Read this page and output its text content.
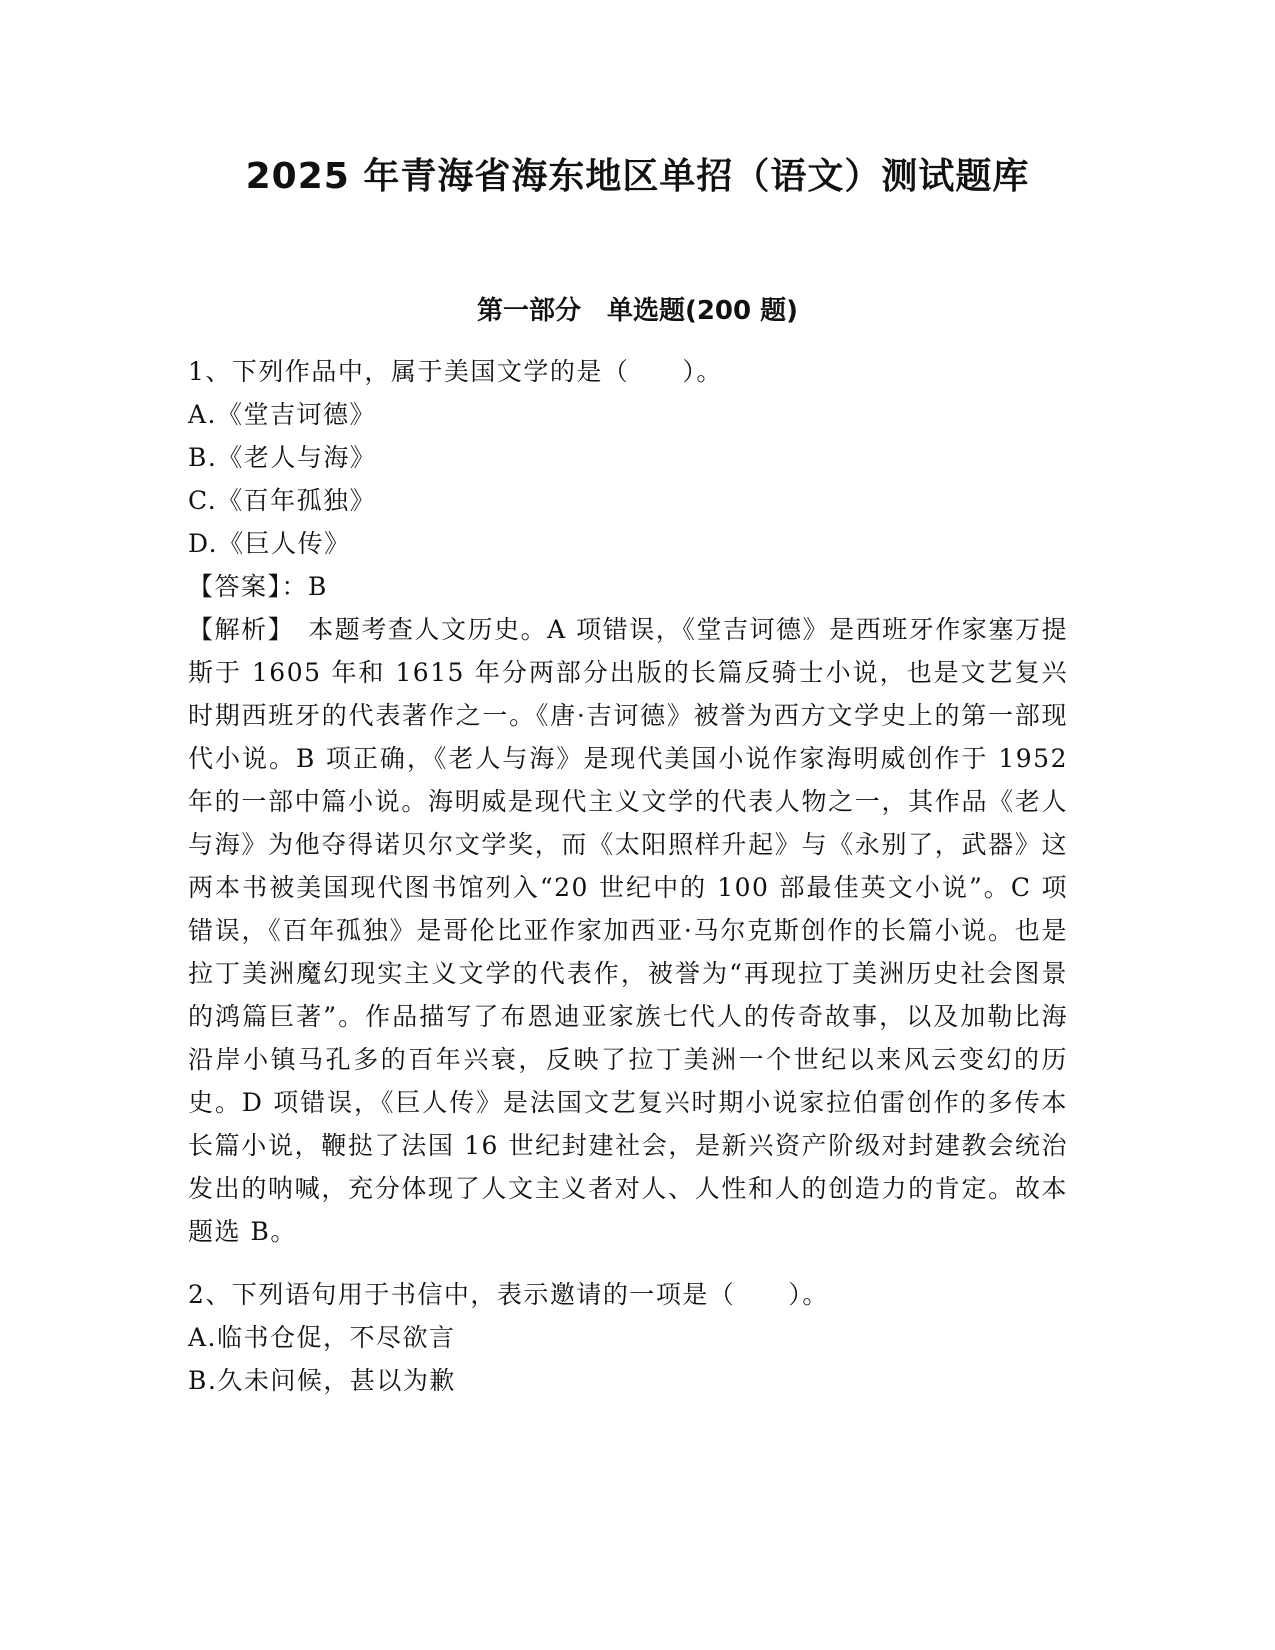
2025 年青海省海东地区单招（语文）测试题库
第一部分　单选题(200 题)

1、下列作品中，属于美国文学的是（　　）。

A.《堂吉诃德》

B.《老人与海》

C.《百年孤独》

D.《巨人传》

【答案】：B

【解析】　本题考查人文历史。A 项错误，《堂吉诃德》是西班牙作家塞万提斯于 1605 年和 1615 年分两部分出版的长篇反骑士小说，也是文艺复兴时期西班牙的代表著作之一。《唐·吉诃德》被誉为西方文学史上的第一部现代小说。B 项正确，《老人与海》是现代美国小说作家海明威创作于 1952 年的一部中篇小说。海明威是现代主义文学的代表人物之一，其作品《老人与海》为他夺得诺贝尔文学奖，而《太阳照样升起》与《永别了，武器》这两本书被美国现代图书馆列入“20 世纪中的 100 部最佳英文小说”。C 项错误，《百年孤独》是哥伦比亚作家加西亚·马尔克斯创作的长篇小说。也是拉丁美洲魔幻现实主义文学的代表作，被誉为“再现拉丁美洲历史社会图景的鸿篇巨著”。作品描写了布恩迪亚家族七代人的传奇故事，以及加勒比海沿岸小镇马孔多的百年兴衰，反映了拉丁美洲一个世纪以来风云变幻的历史。D 项错误，《巨人传》是法国文艺复兴时期小说家拉伯雷创作的多传本长篇小说，鞭挞了法国 16 世纪封建社会，是新兴资产阶级对封建教会统治发出的呐喊，充分体现了人文主义者对人、人性和人的创造力的肯定。故本题选 B。

2、下列语句用于书信中，表示邀请的一项是（　　）。

A.临书仓促，不尽欲言

B.久未问候，甚以为歉
